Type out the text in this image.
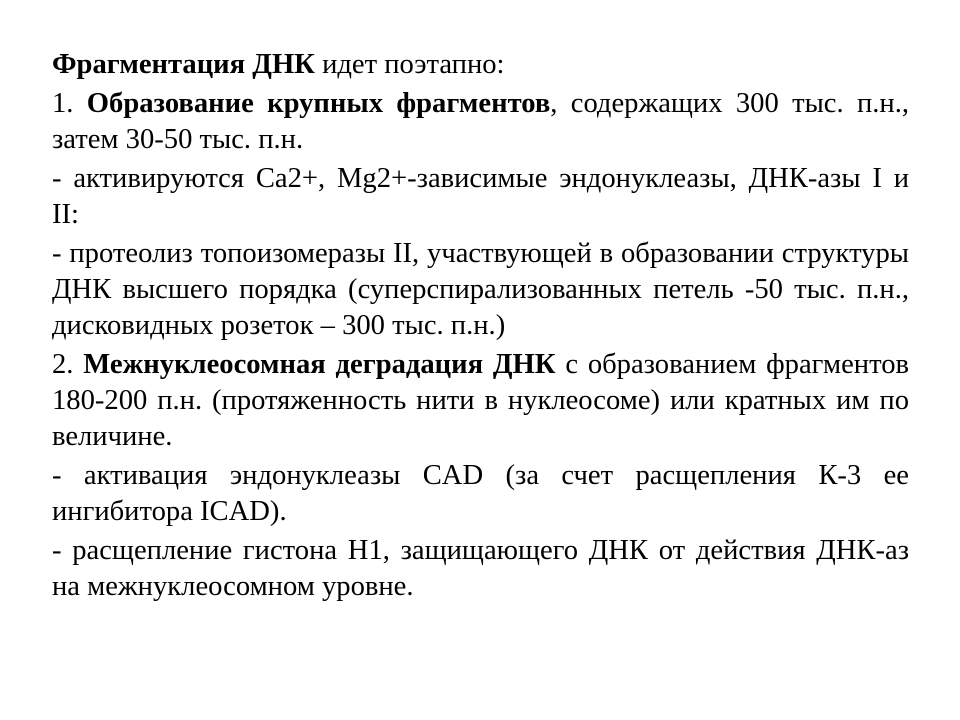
Фрагментация ДНК идет поэтапно:

1. Образование крупных фрагментов, содержащих 300 тыс. п.н., затем 30-50 тыс. п.н.

- активируются Са2+, Mg2+-зависимые эндонуклеазы, ДНК-азы I и II:

- протеолиз топоизомеразы II, участвующей в образовании структуры ДНК высшего порядка (суперспирализованных петель -50 тыс. п.н., дисковидных розеток – 300 тыс. п.н.)

2. Межнуклеосомная деградация ДНК с образованием фрагментов 180-200 п.н. (протяженность нити в нуклеосоме) или кратных им по величине.

- активация эндонуклеазы CAD (за счет расщепления К-3 ее ингибитора ICAD).

- расщепление гистона Н1, защищающего ДНК от действия ДНК-аз на межнуклеосомном уровне.
